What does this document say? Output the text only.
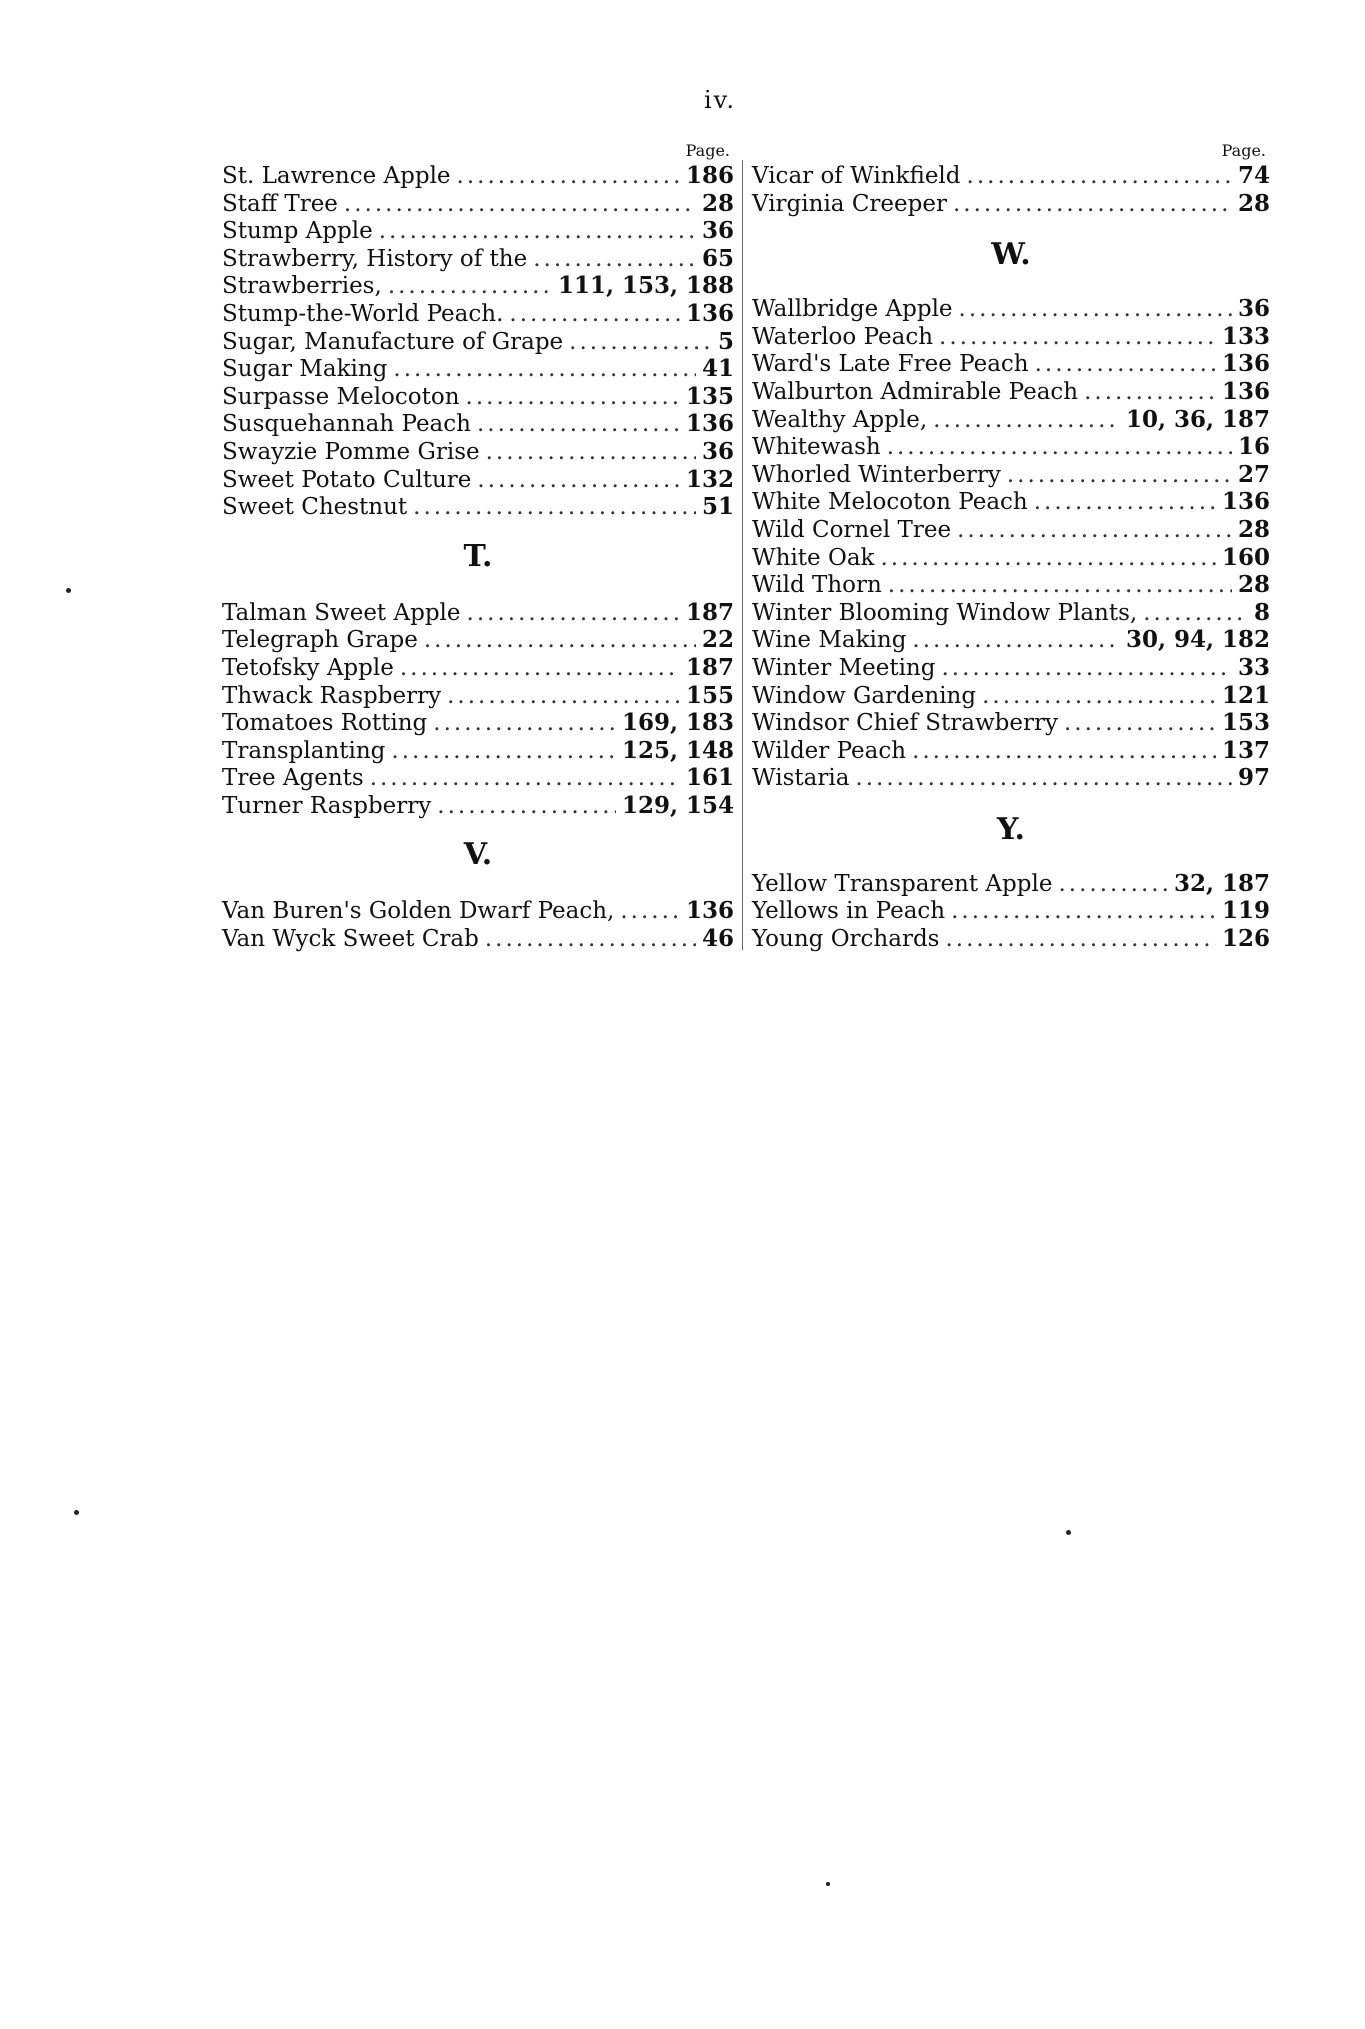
iv.
Page.
St. Lawrence Apple .....	186
Staff Tree .....	28
Stump Apple .....	36
Strawberry, History of the .....	65
Strawberries, .....	111, 153, 188
Stump-the-World Peach. .....	136
Sugar, Manufacture of Grape .....	5
Sugar Making .....	41
Surpasse Melocoton .....	135
Susquehannah Peach .....	136
Swayzie Pomme Grise .....	36
Sweet Potato Culture .....	132
Sweet Chestnut .....	51
T.
Talman Sweet Apple .....	187
Telegraph Grape .....	22
Tetofsky Apple .....	187
Thwack Raspberry .....	155
Tomatoes Rotting .....	169, 183
Transplanting .....	125, 148
Tree Agents .....	161
Turner Raspberry .....	129, 154
V.
Van Buren's Golden Dwarf Peach, .....	136
Van Wyck Sweet Crab .....	46
Page.
Vicar of Winkfield .....	74
Virginia Creeper .....	28
W.
Wallbridge Apple .....	36
Waterloo Peach .....	133
Ward's Late Free Peach .....	136
Walburton Admirable Peach .....	136
Wealthy Apple, .....	10, 36, 187
Whitewash .....	16
Whorled Winterberry .....	27
White Melocoton Peach .....	136
Wild Cornel Tree .....	28
White Oak .....	160
Wild Thorn .....	28
Winter Blooming Window Plants, .....	8
Wine Making .....	30, 94, 182
Winter Meeting .....	33
Window Gardening .....	121
Windsor Chief Strawberry .....	153
Wilder Peach .....	137
Wistaria .....	97
Y.
Yellow Transparent Apple .....	32, 187
Yellows in Peach .....	119
Young Orchards .....	126
